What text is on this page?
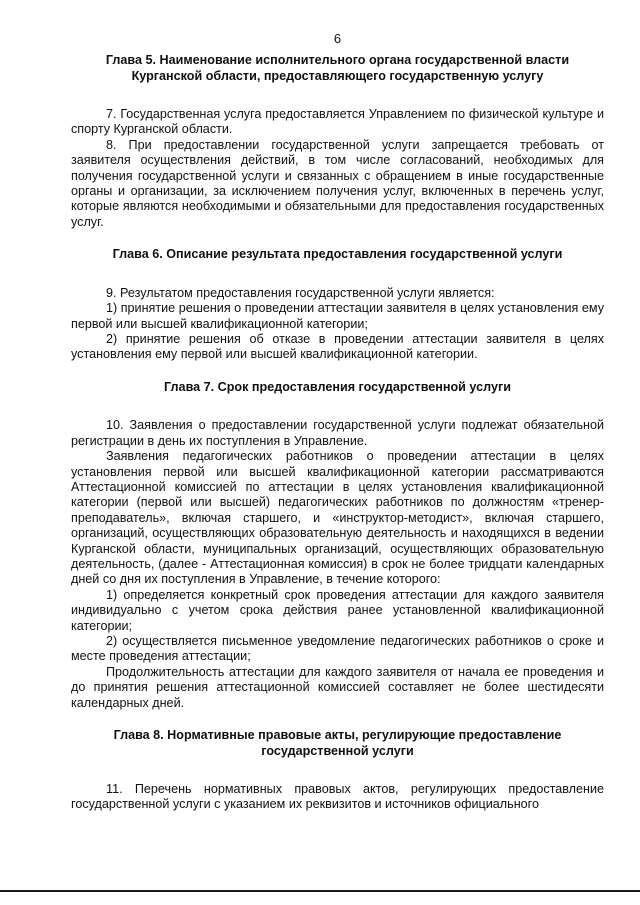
6
Глава 5. Наименование исполнительного органа государственной власти
Курганской области, предоставляющего государственную услугу

7. Государственная услуга предоставляется Управлением по физической культуре и спорту Курганской области.

8. При предоставлении государственной услуги запрещается требовать от заявителя осуществления действий, в том числе согласований, необходимых для получения государственной услуги и связанных с обращением в иные государственные органы и организации, за исключением получения услуг, включенных в перечень услуг, которые являются необходимыми и обязательными для предоставления государственных услуг.

Глава 6. Описание результата предоставления государственной услуги

9. Результатом предоставления государственной услуги является:

1) принятие решения о проведении аттестации заявителя в целях установления ему первой или высшей квалификационной категории;

2) принятие решения об отказе в проведении аттестации заявителя в целях установления ему первой или высшей квалификационной категории.

Глава 7. Срок предоставления государственной услуги

10. Заявления о предоставлении государственной услуги подлежат обязательной регистрации в день их поступления в Управление.

Заявления педагогических работников о проведении аттестации в целях установления первой или высшей квалификационной категории рассматриваются Аттестационной комиссией по аттестации в целях установления квалификационной категории (первой или высшей) педагогических работников по должностям «тренер-преподаватель», включая старшего, и «инструктор-методист», включая старшего, организаций, осуществляющих образовательную деятельность и находящихся в ведении Курганской области, муниципальных организаций, осуществляющих образовательную деятельность, (далее - Аттестационная комиссия) в срок не более тридцати календарных дней со дня их поступления в Управление, в течение которого:

1) определяется конкретный срок проведения аттестации для каждого заявителя индивидуально с учетом срока действия ранее установленной квалификационной категории;

2) осуществляется письменное уведомление педагогических работников о сроке и месте проведения аттестации;

Продолжительность аттестации для каждого заявителя от начала ее проведения и до принятия решения аттестационной комиссией составляет не более шестидесяти календарных дней.

Глава 8. Нормативные правовые акты, регулирующие предоставление
государственной услуги

11. Перечень нормативных правовых актов, регулирующих предоставление государственной услуги с указанием их реквизитов и источников официального
